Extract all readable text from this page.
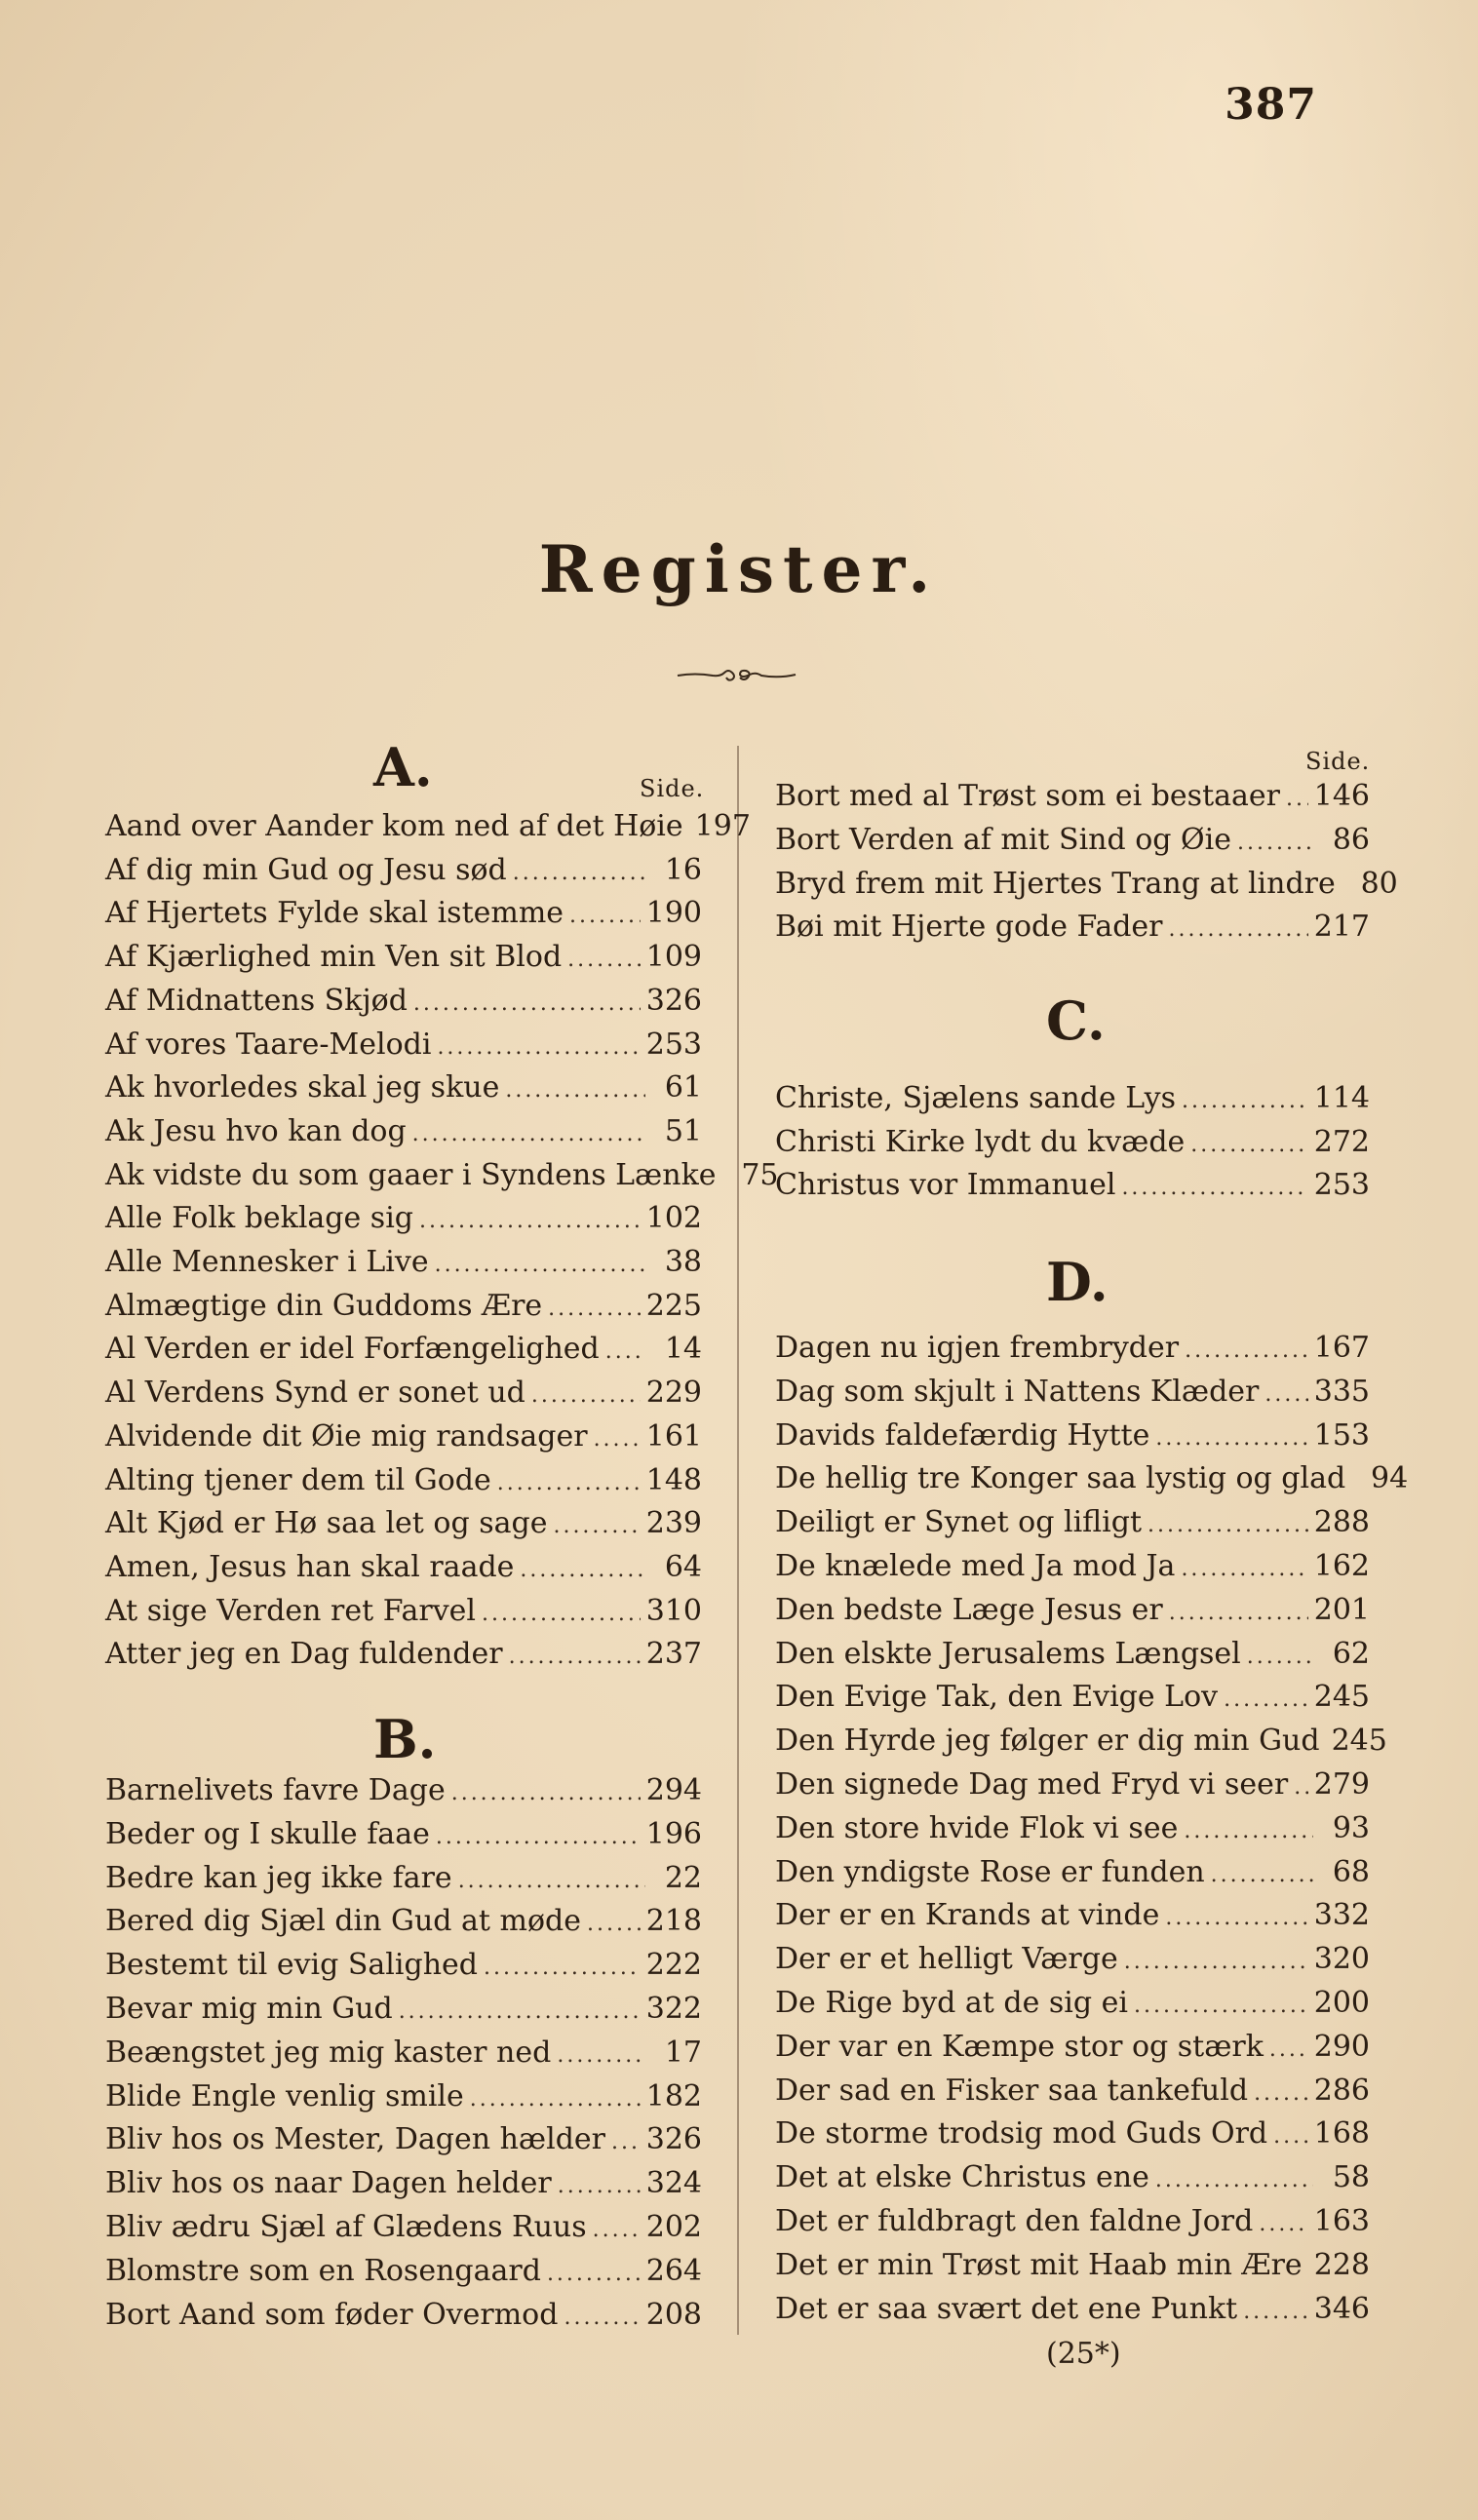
387
Register.
A.	Side.
Aand over Aander kom ned af det Høie 197
Af dig min Gud og Jesu sød .....	16
Af Hjertets Fylde skal istemme .....	190
Af Kjærlighed min Ven sit Blod .....	109
Af Midnattens Skjød .....	326
Af vores Taare-Melodi .....	253
Ak hvorledes skal jeg skue .....	61
Ak Jesu hvo kan dog .....	51
Ak vidste du som gaaer i Syndens Lænke 75
Alle Folk beklage sig .....	102
Alle Mennesker i Live .....	38
Almægtige din Guddoms Ære .....	225
Al Verden er idel Forfængelighed .....	14
Al Verdens Synd er sonet ud .....	229
Alvidende dit Øie mig randsager ..... 161
Alting tjener dem til Gode .....	148
Alt Kjød er Hø saa let og sage .....	239
Amen, Jesus han skal raade .....	64
At sige Verden ret Farvel .....	310
Atter jeg en Dag fuldender .....	237
B.
Barnelivets favre Dage .....	294
Beder og I skulle faae .....	196
Bedre kan jeg ikke fare .....	22
Bered dig Sjæl din Gud at møde ..... 218
Bestemt til evig Salighed .....	222
Bevar mig min Gud .....	322
Beængstet jeg mig kaster ned .....	17
Blide Engle venlig smile .....	182
Bliv hos os Mester, Dagen hælder ..... 326
Bliv hos os naar Dagen helder .....	324
Bliv ædru Sjæl af Glædens Ruus ..... 202
Blomstre som en Rosengaard .....	264
Bort Aand som føder Overmod .....	208
Side.
Bort med al Trøst som ei bestaaer ..... 146
Bort Verden af mit Sind og Øie .....	86
Bryd frem mit Hjertes Trang at lindre 80
Bøi mit Hjerte gode Fader .....	217
C.
Christe, Sjælens sande Lys .....	114
Christi Kirke lydt du kvæde .....	272
Christus vor Immanuel .....	253
D.
Dagen nu igjen frembryder .....	167
Dag som skjult i Nattens Klæder ..... 335
Davids faldefærdig Hytte .....	153
De hellig tre Konger saa lystig og glad 94
Deiligt er Synet og lifligt .....	288
De knælede med Ja mod Ja .....	162
Den bedste Læge Jesus er .....	201
Den elskte Jerusalems Længsel .....	62
Den Evige Tak, den Evige Lov .....	245
Den Hyrde jeg følger er dig min Gud 245
Den signede Dag med Fryd vi seer ..... 279
Den store hvide Flok vi see .....	93
Den yndigste Rose er funden .....	68
Der er en Krands at vinde .....	332
Der er et helligt Værge .....	320
De Rige byd at de sig ei .....	200
Der var en Kæmpe stor og stærk ..... 290
Der sad en Fisker saa tankefuld ..... 286
De storme trodsig mod Guds Ord ..... 168
Det at elske Christus ene .....	58
Det er fuldbragt den faldne Jord ..... 163
Det er min Trøst mit Haab min Ære ..... 228
Det er saa svært det ene Punkt .....	346
(25*)
